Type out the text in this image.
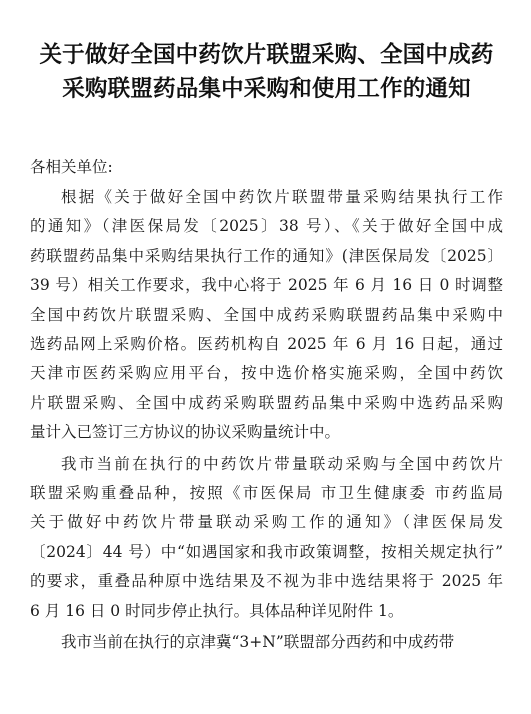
关于做好全国中药饮片联盟采购、全国中成药
采购联盟药品集中采购和使用工作的通知

各相关单位:

根据《关于做好全国中药饮片联盟带量采购结果执行工作
的通知》（津医保局发〔2025〕38 号）、《关于做好全国中成
药联盟药品集中采购结果执行工作的通知》(津医保局发〔2025〕
39 号）相关工作要求，我中心将于 2025 年 6 月 16 日 0 时调整
全国中药饮片联盟采购、全国中成药采购联盟药品集中采购中
选药品网上采购价格。医药机构自 2025 年 6 月 16 日起，通过
天津市医药采购应用平台，按中选价格实施采购，全国中药饮
片联盟采购、全国中成药采购联盟药品集中采购中选药品采购
量计入已签订三方协议的协议采购量统计中。

我市当前在执行的中药饮片带量联动采购与全国中药饮片
联盟采购重叠品种，按照《市医保局 市卫生健康委 市药监局
关于做好中药饮片带量联动采购工作的通知》（津医保局发
〔2024〕44 号）中“如遇国家和我市政策调整，按相关规定执行”
的要求，重叠品种原中选结果及不视为非中选结果将于 2025 年
6 月 16 日 0 时同步停止执行。具体品种详见附件 1。

我市当前在执行的京津冀“3+N”联盟部分西药和中成药带
